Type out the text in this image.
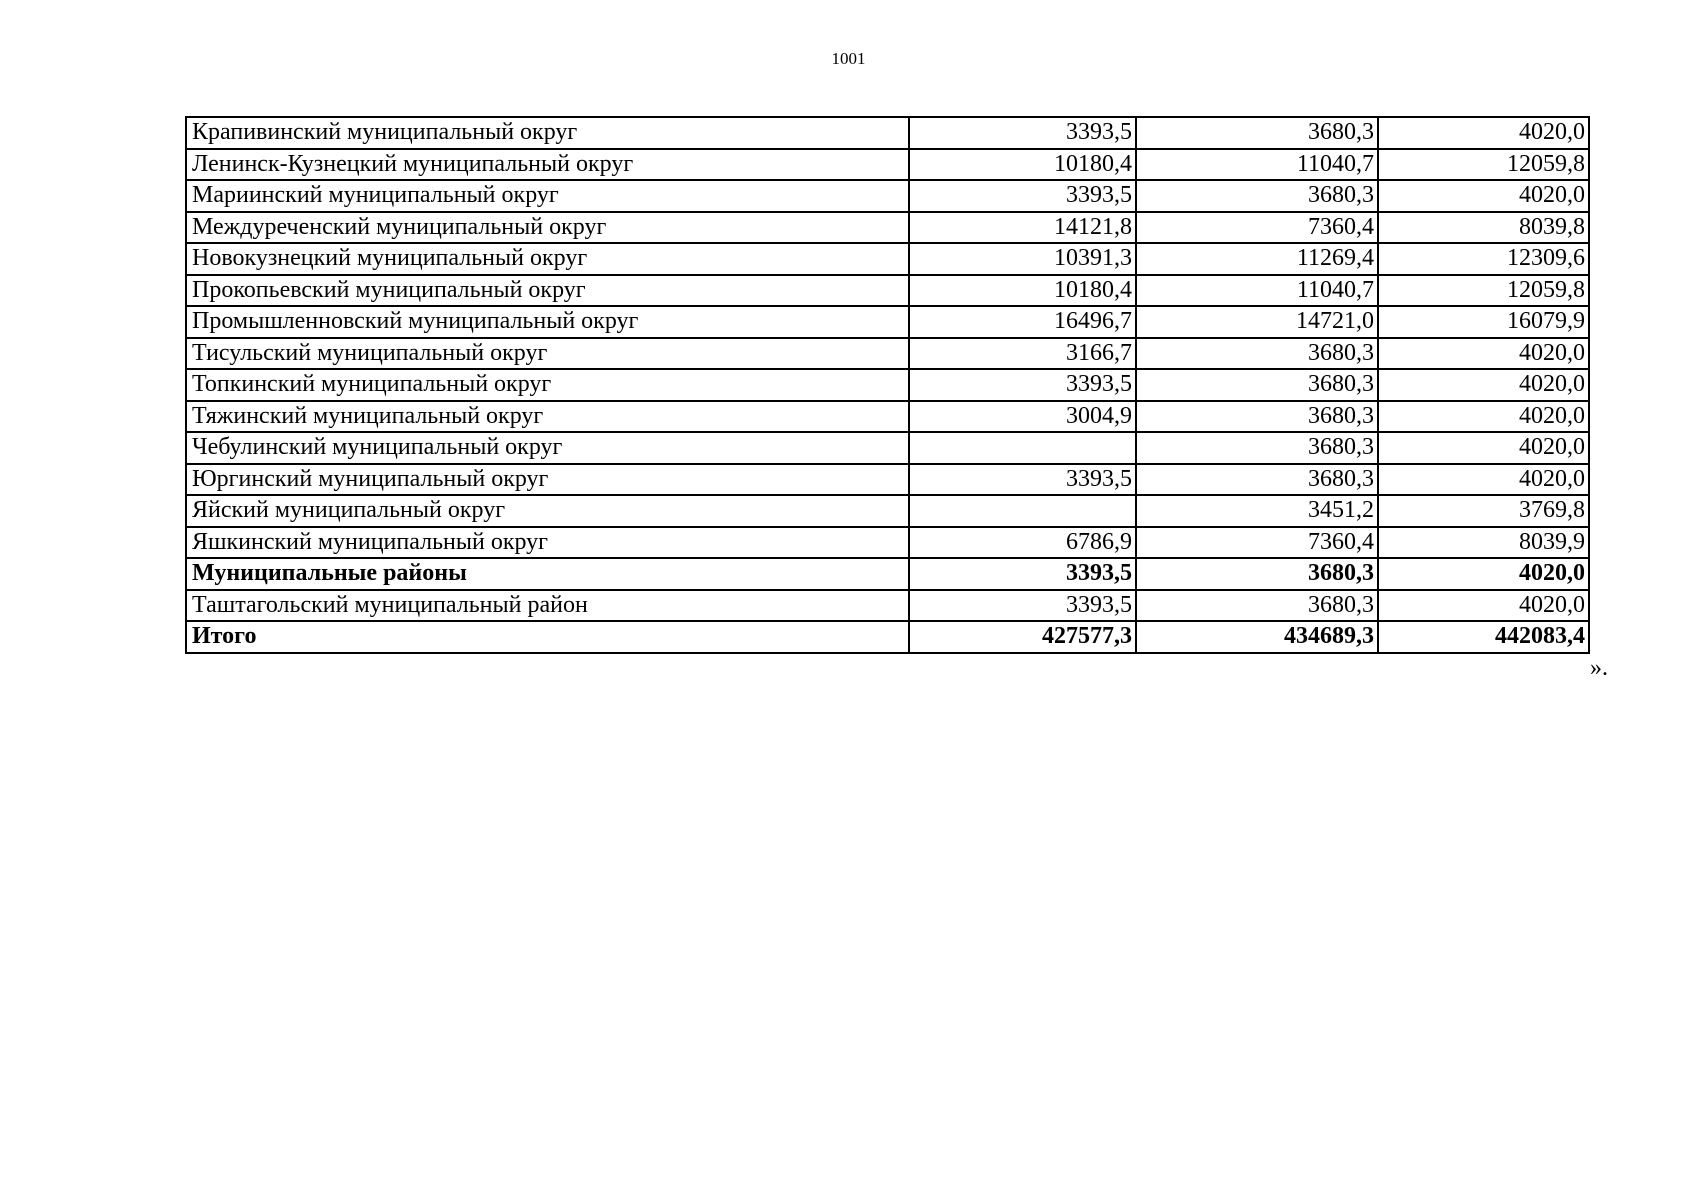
1001
Крапивинский муниципальный округ	3393,5	3680,3	4020,0
Ленинск-Кузнецкий муниципальный округ	10180,4	11040,7	12059,8
Мариинский муниципальный округ	3393,5	3680,3	4020,0
Междуреченский муниципальный округ	14121,8	7360,4	8039,8
Новокузнецкий муниципальный округ	10391,3	11269,4	12309,6
Прокопьевский муниципальный округ	10180,4	11040,7	12059,8
Промышленновский муниципальный округ	16496,7	14721,0	16079,9
Тисульский муниципальный округ	3166,7	3680,3	4020,0
Топкинский муниципальный округ	3393,5	3680,3	4020,0
Тяжинский муниципальный округ	3004,9	3680,3	4020,0
Чебулинский муниципальный округ		3680,3	4020,0
Юргинский муниципальный округ	3393,5	3680,3	4020,0
Яйский муниципальный округ		3451,2	3769,8
Яшкинский муниципальный округ	6786,9	7360,4	8039,9
Муниципальные районы	3393,5	3680,3	4020,0
Таштагольский муниципальный район	3393,5	3680,3	4020,0
Итого	427577,3	434689,3	442083,4
».
